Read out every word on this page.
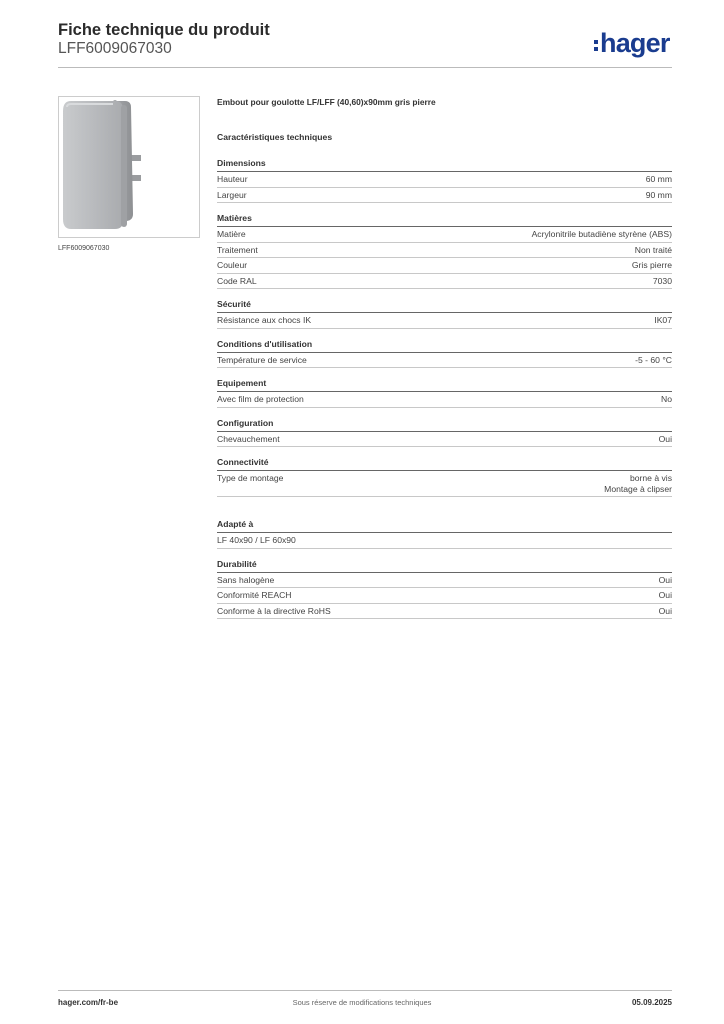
Fiche technique du produit
LFF6009067030	hager
LFF6009067030
Embout pour goulotte LF/LFF (40,60)x90mm gris pierre
Caractéristiques techniques
Dimensions
Hauteur	60 mm
Largeur	90 mm
Matières
Matière	Acrylonitrile butadiène styrène (ABS)
Traitement	Non traité
Couleur	Gris pierre
Code RAL	7030
Sécurité
Résistance aux chocs IK	IK07
Conditions d'utilisation
Température de service	-5 - 60 °C
Equipement
Avec film de protection	No
Configuration
Chevauchement	Oui
Connectivité
Type de montage	borne à vis
Montage à clipser
Adapté à
LF 40x90 / LF 60x90
Durabilité
Sans halogène	Oui
Conformité REACH	Oui
Conforme à la directive RoHS	Oui
hager.com/fr-be	Sous réserve de modifications techniques	05.09.2025
